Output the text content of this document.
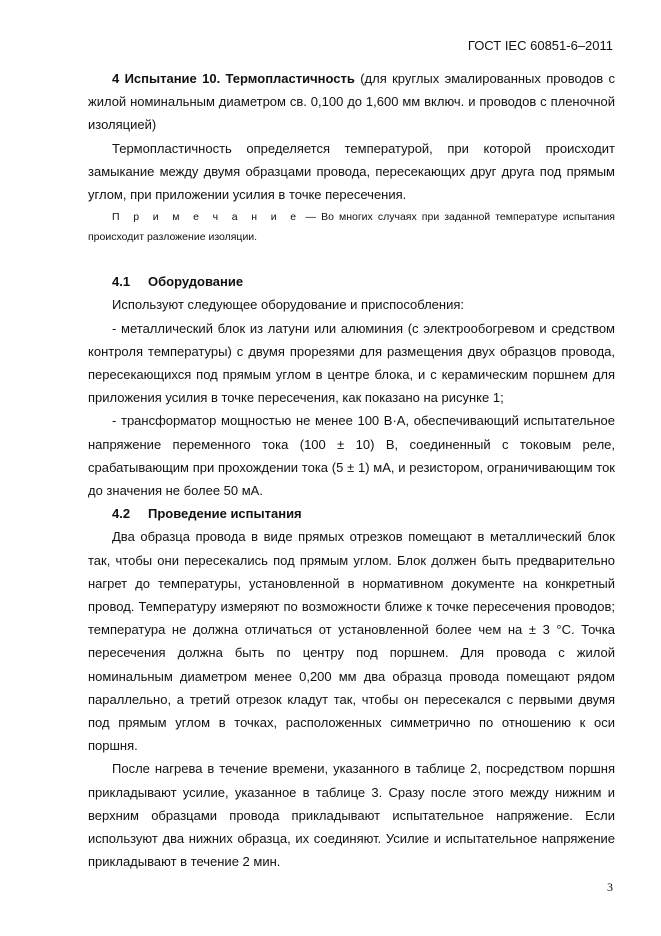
ГОСТ IEC 60851-6–2011

4 Испытание 10. Термопластичность (для круглых эмалированных проводов с жилой номинальным диаметром св. 0,100 до 1,600 мм включ. и проводов с пленочной изоляцией)

Термопластичность определяется температурой, при которой происходит замыкание между двумя образцами провода, пересекающих друг друга под прямым углом, при приложении усилия в точке пересечения.

П р и м е ч а н и е — Во многих случаях при заданной температуре испытания происходит разложение изоляции.

4.1 Оборудование

Используют следующее оборудование и приспособления:

- металлический блок из латуни или алюминия (с электрообогревом и средством контроля температуры) с двумя прорезями для размещения двух образцов провода, пересекающихся под прямым углом в центре блока, и с керамическим поршнем для приложения усилия в точке пересечения, как показано на рисунке 1;

- трансформатор мощностью не менее 100 В·А, обеспечивающий испытательное напряжение переменного тока (100 ± 10) В, соединенный с токовым реле, срабатывающим при прохождении тока (5 ± 1) мА, и резистором, ограничивающим ток до значения не более 50 мА.

4.2 Проведение испытания

Два образца провода в виде прямых отрезков помещают в металлический блок так, чтобы они пересекались под прямым углом. Блок должен быть предварительно нагрет до температуры, установленной в нормативном документе на конкретный провод. Температуру измеряют по возможности ближе к точке пересечения проводов; температура не должна отличаться от установленной более чем на ± 3 °С. Точка пересечения должна быть по центру под поршнем. Для провода с жилой номинальным диаметром менее 0,200 мм два образца провода помещают рядом параллельно, а третий отрезок кладут так, чтобы он пересекался с первыми двумя под прямым углом в точках, расположенных симметрично по отношению к оси поршня.

После нагрева в течение времени, указанного в таблице 2, посредством поршня прикладывают усилие, указанное в таблице 3. Сразу после этого между нижним и верхним образцами провода прикладывают испытательное напряжение. Если используют два нижних образца, их соединяют. Усилие и испытательное напряжение прикладывают в течение 2 мин.

3
